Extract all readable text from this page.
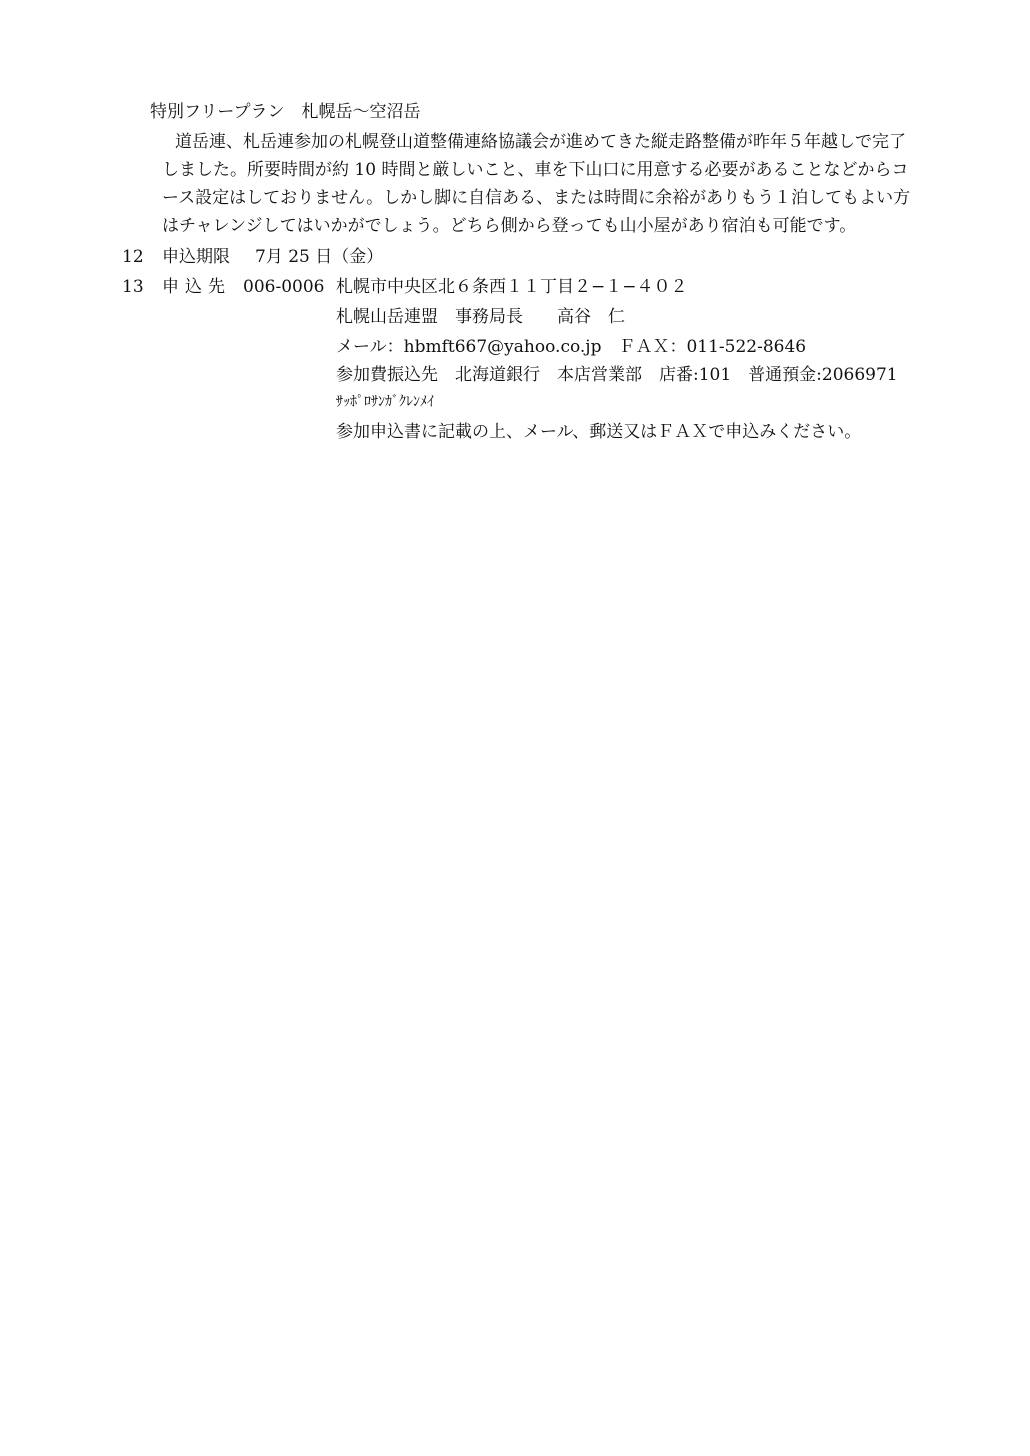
特別フリープラン　札幌岳〜空沼岳
道岳連、札岳連参加の札幌登山道整備連絡協議会が進めてきた縦走路整備が昨年５年越しで完了
しました。所要時間が約 10 時間と厳しいこと、車を下山口に用意する必要があることなどからコ
ース設定はしておりません。しかし脚に自信ある、または時間に余裕がありもう１泊してもよい方
はチャレンジしてはいかがでしょう。どちら側から登っても山小屋があり宿泊も可能です。
12 申込期限 7月 25 日（金）
13 申込先 006-0006 札幌市中央区北６条西１１丁目２−１−４０２
札幌山岳連盟　事務局長　　高谷　仁
メール：hbmft667@yahoo.co.jp　ＦＡＸ：011-522-8646
参加費振込先　北海道銀行　本店営業部　店番:101　普通預金:2066971
ｻｯﾎﾟﾛｻﾝｶﾞｸﾚﾝﾒｲ
参加申込書に記載の上、メール、郵送又はＦＡＸで申込みください。
